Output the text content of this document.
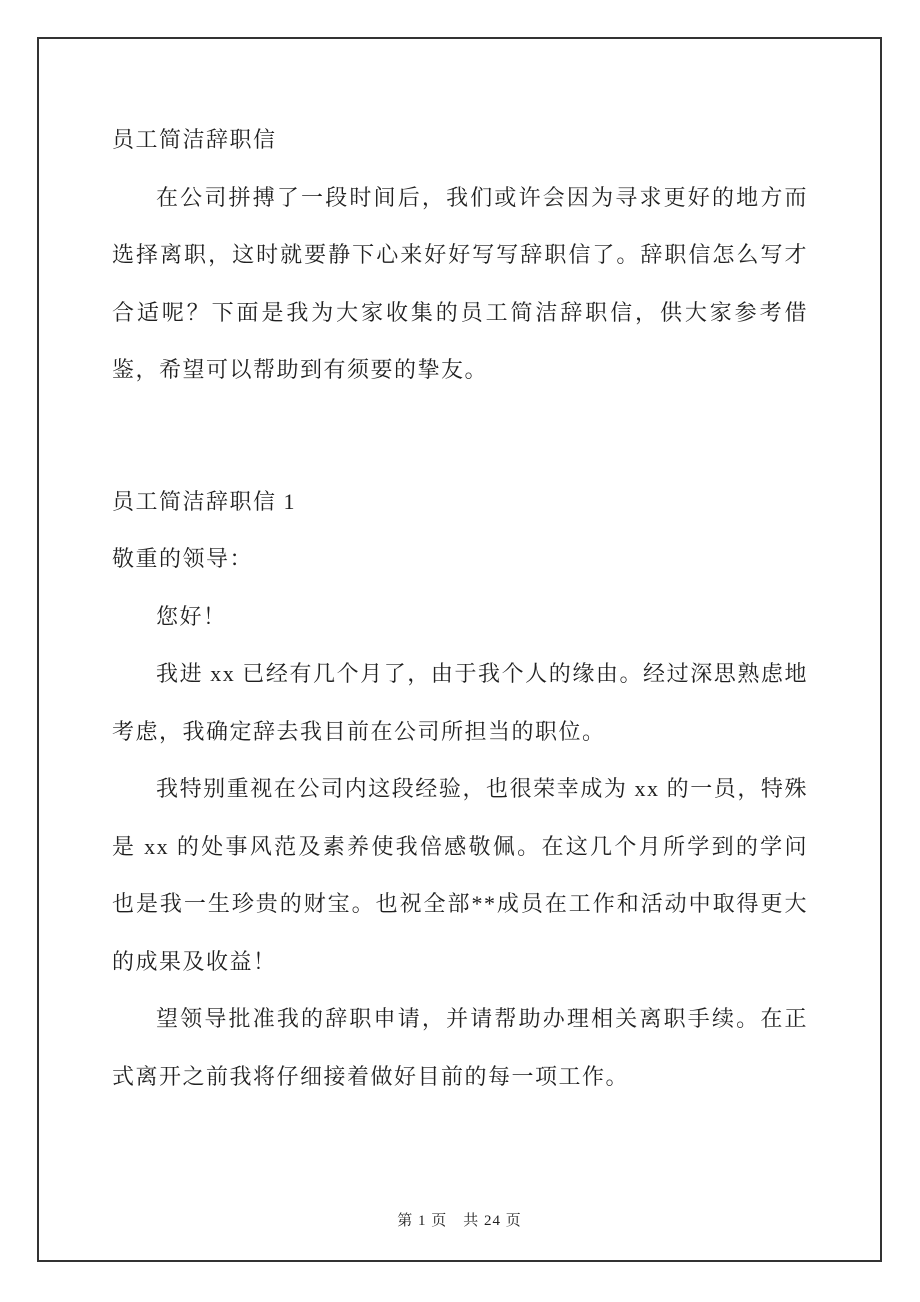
员工简洁辞职信

在公司拼搏了一段时间后，我们或许会因为寻求更好的地方而选择离职，这时就要静下心来好好写写辞职信了。辞职信怎么写才合适呢？下面是我为大家收集的员工简洁辞职信，供大家参考借鉴，希望可以帮助到有须要的挚友。

员工简洁辞职信 1

敬重的领导：

您好！

我进 xx 已经有几个月了，由于我个人的缘由。经过深思熟虑地考虑，我确定辞去我目前在公司所担当的职位。

我特别重视在公司内这段经验，也很荣幸成为 xx 的一员，特殊是 xx 的处事风范及素养使我倍感敬佩。在这几个月所学到的学问也是我一生珍贵的财宝。也祝全部**成员在工作和活动中取得更大的成果及收益！

望领导批准我的辞职申请，并请帮助办理相关离职手续。在正式离开之前我将仔细接着做好目前的每一项工作。

第 1 页　共 24 页
